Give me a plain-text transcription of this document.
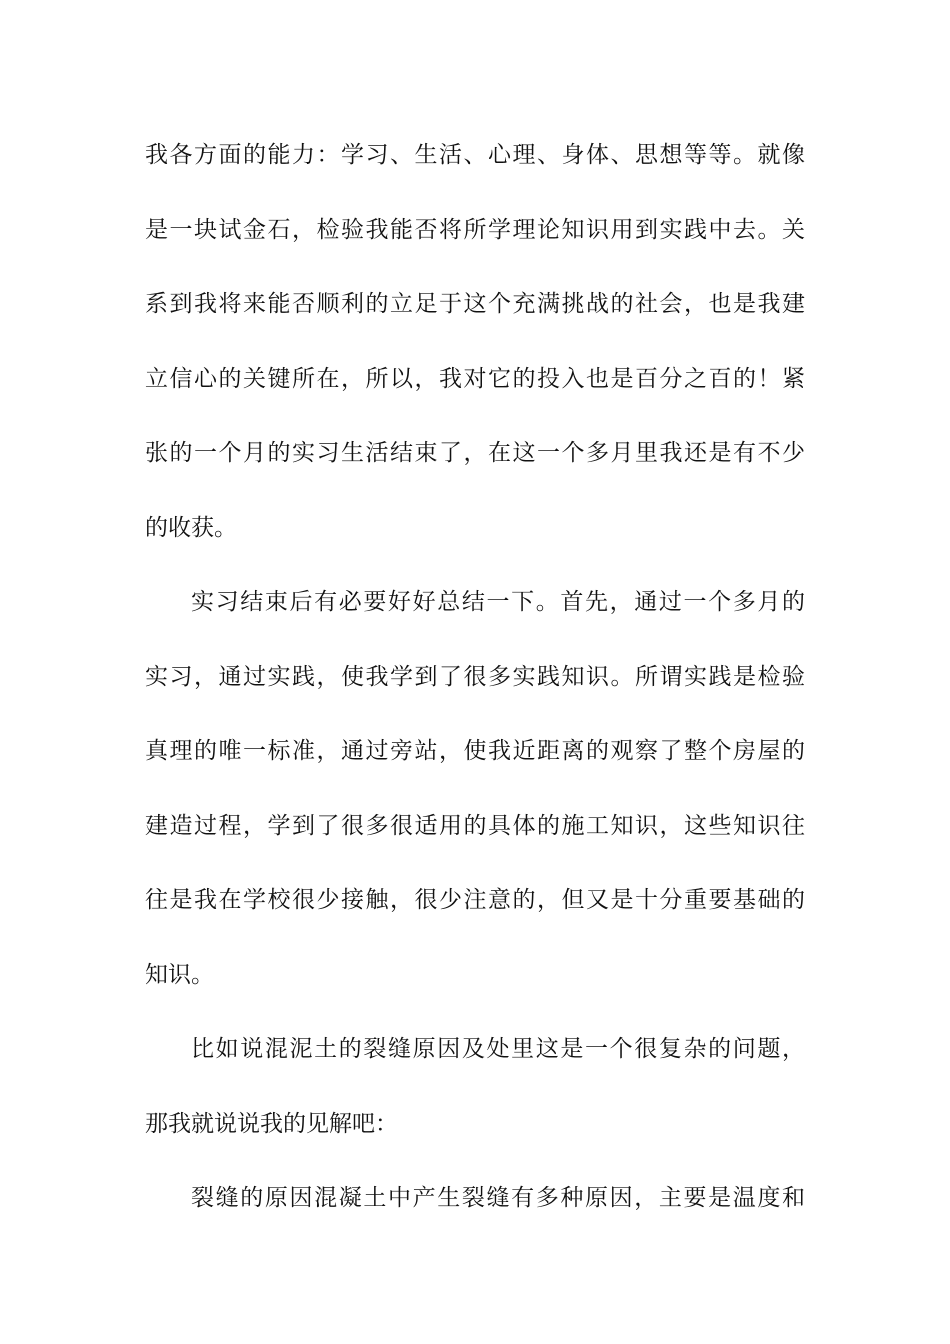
我各方面的能力：学习、生活、心理、身体、思想等等。就像
是一块试金石，检验我能否将所学理论知识用到实践中去。关
系到我将来能否顺利的立足于这个充满挑战的社会，也是我建
立信心的关键所在，所以，我对它的投入也是百分之百的！紧
张的一个月的实习生活结束了，在这一个多月里我还是有不少
的收获。
实习结束后有必要好好总结一下。首先，通过一个多月的
实习，通过实践，使我学到了很多实践知识。所谓实践是检验
真理的唯一标准，通过旁站，使我近距离的观察了整个房屋的
建造过程，学到了很多很适用的具体的施工知识，这些知识往
往是我在学校很少接触，很少注意的，但又是十分重要基础的
知识。
比如说混泥土的裂缝原因及处里这是一个很复杂的问题，
那我就说说我的见解吧：
裂缝的原因混凝土中产生裂缝有多种原因，主要是温度和
